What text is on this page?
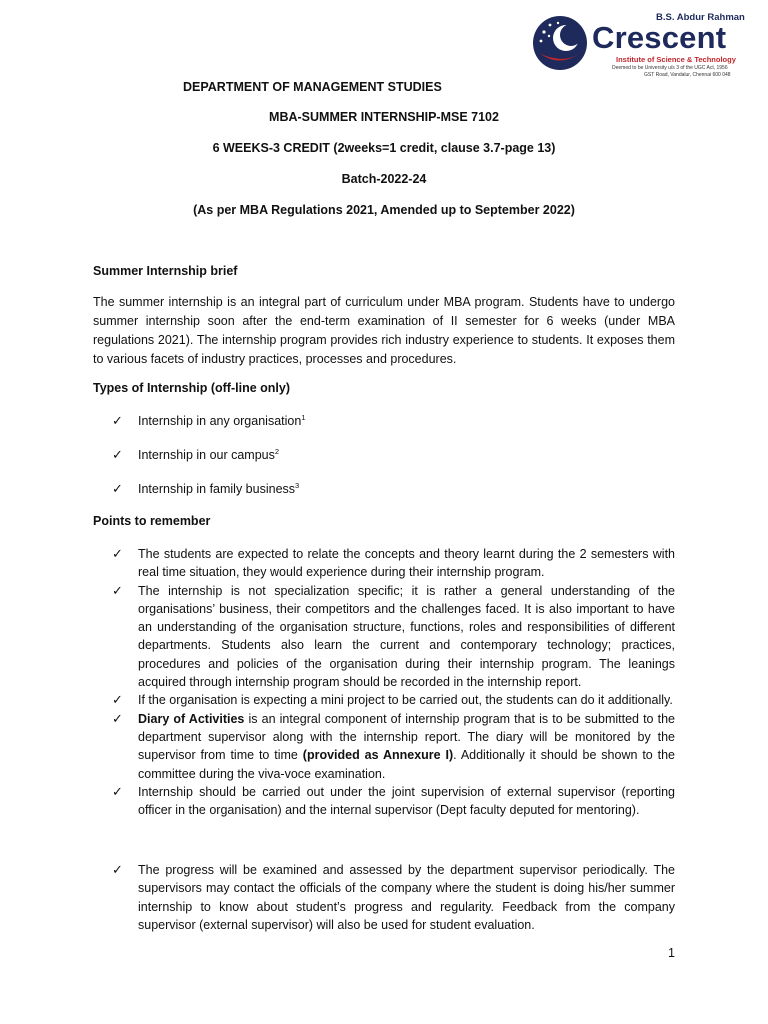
B.S. Abdur Rahman
Crescent
Institute of Science & Technology
Deemed to be University u/s 3 of the UGC Act, 1956
GST Road, Vandalur, Chennai 600 048
DEPARTMENT OF MANAGEMENT STUDIES
MBA-SUMMER INTERNSHIP-MSE 7102
6 WEEKS-3 CREDIT (2weeks=1 credit, clause 3.7-page 13)
Batch-2022-24
(As per MBA Regulations 2021, Amended up to September 2022)
Summer Internship brief
The summer internship is an integral part of curriculum under MBA program. Students have to undergo summer internship soon after the end-term examination of II semester for 6 weeks (under MBA regulations 2021). The internship program provides rich industry experience to students. It exposes them to various facets of industry practices, processes and procedures.
Types of Internship (off-line only)
✓ Internship in any organisation$^1$
✓ Internship in our campus$^2$
✓ Internship in family business$^3$
Points to remember
✓ The students are expected to relate the concepts and theory learnt during the 2 semesters with real time situation, they would experience during their internship program.
✓ The internship is not specialization specific; it is rather a general understanding of the organisations’ business, their competitors and the challenges faced. It is also important to have an understanding of the organisation structure, functions, roles and responsibilities of different departments. Students also learn the current and contemporary technology; practices, procedures and policies of the organisation during their internship program. The leanings acquired through internship program should be recorded in the internship report.
✓ If the organisation is expecting a mini project to be carried out, the students can do it additionally.
✓ Diary of Activities is an integral component of internship program that is to be submitted to the department supervisor along with the internship report. The diary will be monitored by the supervisor from time to time (provided as Annexure I). Additionally it should be shown to the committee during the viva-voce examination.
✓ Internship should be carried out under the joint supervision of external supervisor (reporting officer in the organisation) and the internal supervisor (Dept faculty deputed for mentoring).
✓ The progress will be examined and assessed by the department supervisor periodically. The supervisors may contact the officials of the company where the student is doing his/her summer internship to know about student’s progress and regularity. Feedback from the company supervisor (external supervisor) will also be used for student evaluation.
1
